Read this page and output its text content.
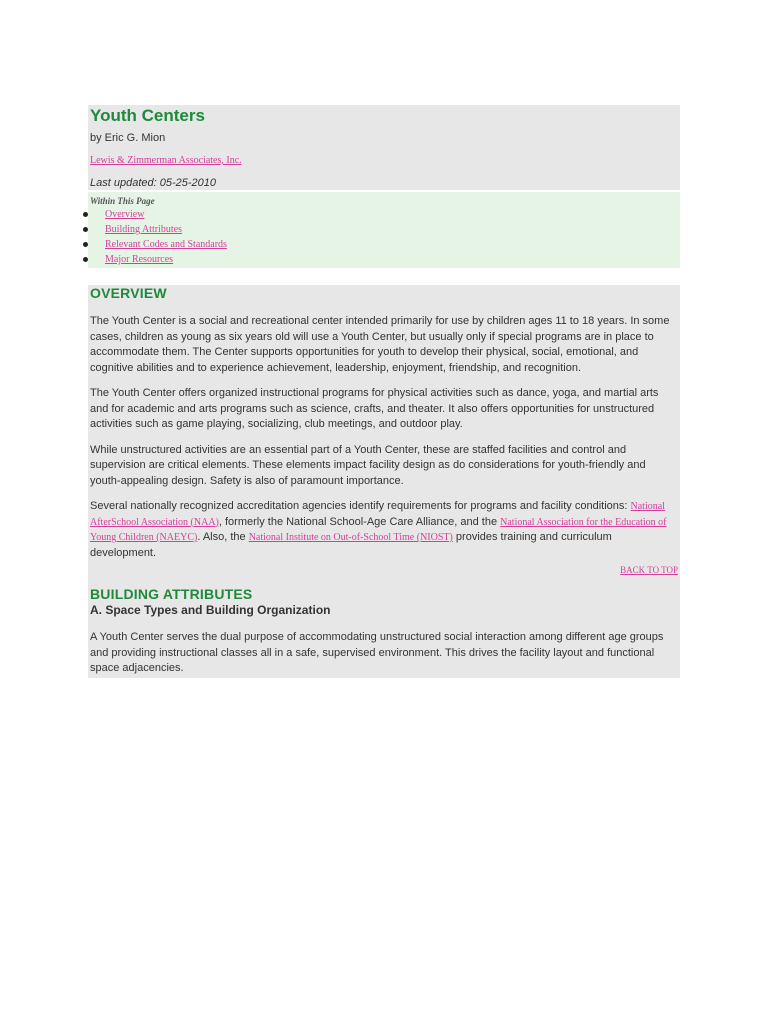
Youth Centers

by Eric G. Mion

Lewis & Zimmerman Associates, Inc.

Last updated: 05-25-2010

Within This Page

Overview
Building Attributes
Relevant Codes and Standards
Major Resources
OVERVIEW

The Youth Center is a social and recreational center intended primarily for use by children ages 11 to 18 years. In some cases, children as young as six years old will use a Youth Center, but usually only if special programs are in place to accommodate them. The Center supports opportunities for youth to develop their physical, social, emotional, and cognitive abilities and to experience achievement, leadership, enjoyment, friendship, and recognition.

The Youth Center offers organized instructional programs for physical activities such as dance, yoga, and martial arts and for academic and arts programs such as science, crafts, and theater. It also offers opportunities for unstructured activities such as game playing, socializing, club meetings, and outdoor play.

While unstructured activities are an essential part of a Youth Center, these are staffed facilities and control and supervision are critical elements. These elements impact facility design as do considerations for youth-friendly and youth-appealing design. Safety is also of paramount importance.

Several nationally recognized accreditation agencies identify requirements for programs and facility conditions: National AfterSchool Association (NAA), formerly the National School-Age Care Alliance, and the National Association for the Education of Young Children (NAEYC). Also, the National Institute on Out-of-School Time (NIOST) provides training and curriculum development.

BACK TO TOP
BUILDING ATTRIBUTES
A. Space Types and Building Organization

A Youth Center serves the dual purpose of accommodating unstructured social interaction among different age groups and providing instructional classes all in a safe, supervised environment. This drives the facility layout and functional space adjacencies.
